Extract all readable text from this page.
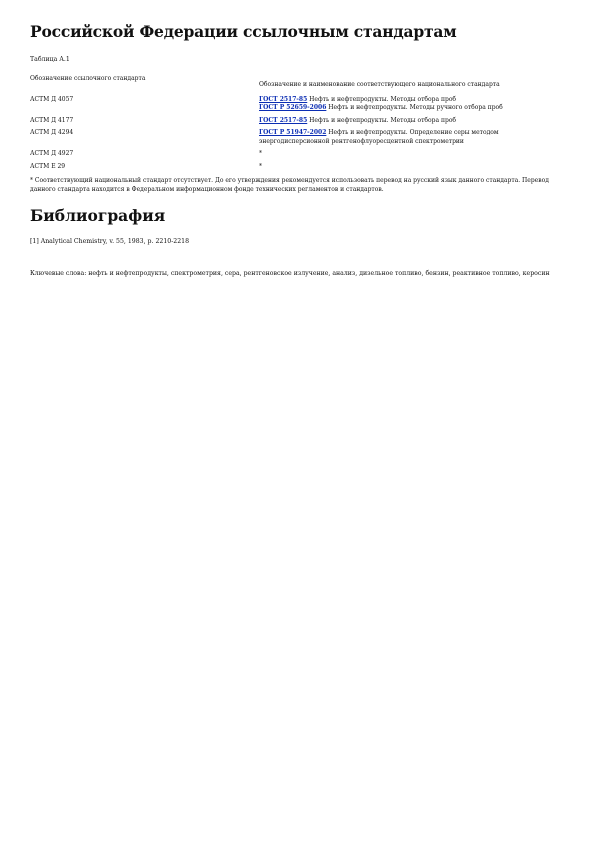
Российской Федерации ссылочным стандартам
Таблица А.1
Обозначение ссылочного стандарта	Обозначение и наименование соответствующего национального стандарта
АСТМ Д 4057	ГОСТ 2517-85 Нефть и нефтепродукты. Методы отбора проб
ГОСТ Р 52659-2006 Нефть и нефтепродукты. Методы ручного отбора проб

АСТМ Д 4177	ГОСТ 2517-85 Нефть и нефтепродукты. Методы отбора проб

АСТМ Д 4294	ГОСТ Р 51947-2002 Нефть и нефтепродукты. Определение серы методом энергодисперсионной рентгенофлуоресцентной спектрометрии

АСТМ Д 4927	*
АСТМ Е 29	*
* Соответствующий национальный стандарт отсутствует. До его утверждения рекомендуется использовать перевод на русский язык данного стандарта. Перевод данного стандарта находится в Федеральном информационном фонде технических регламентов и стандартов.
Библиография
[1] Analytical Chemistry, v. 55, 1983, p. 2210-2218
Ключевые слова: нефть и нефтепродукты, спектрометрия, сера, рентгеновское излучение, анализ, дизельное топливо, бензин, реактивное топливо, керосин
